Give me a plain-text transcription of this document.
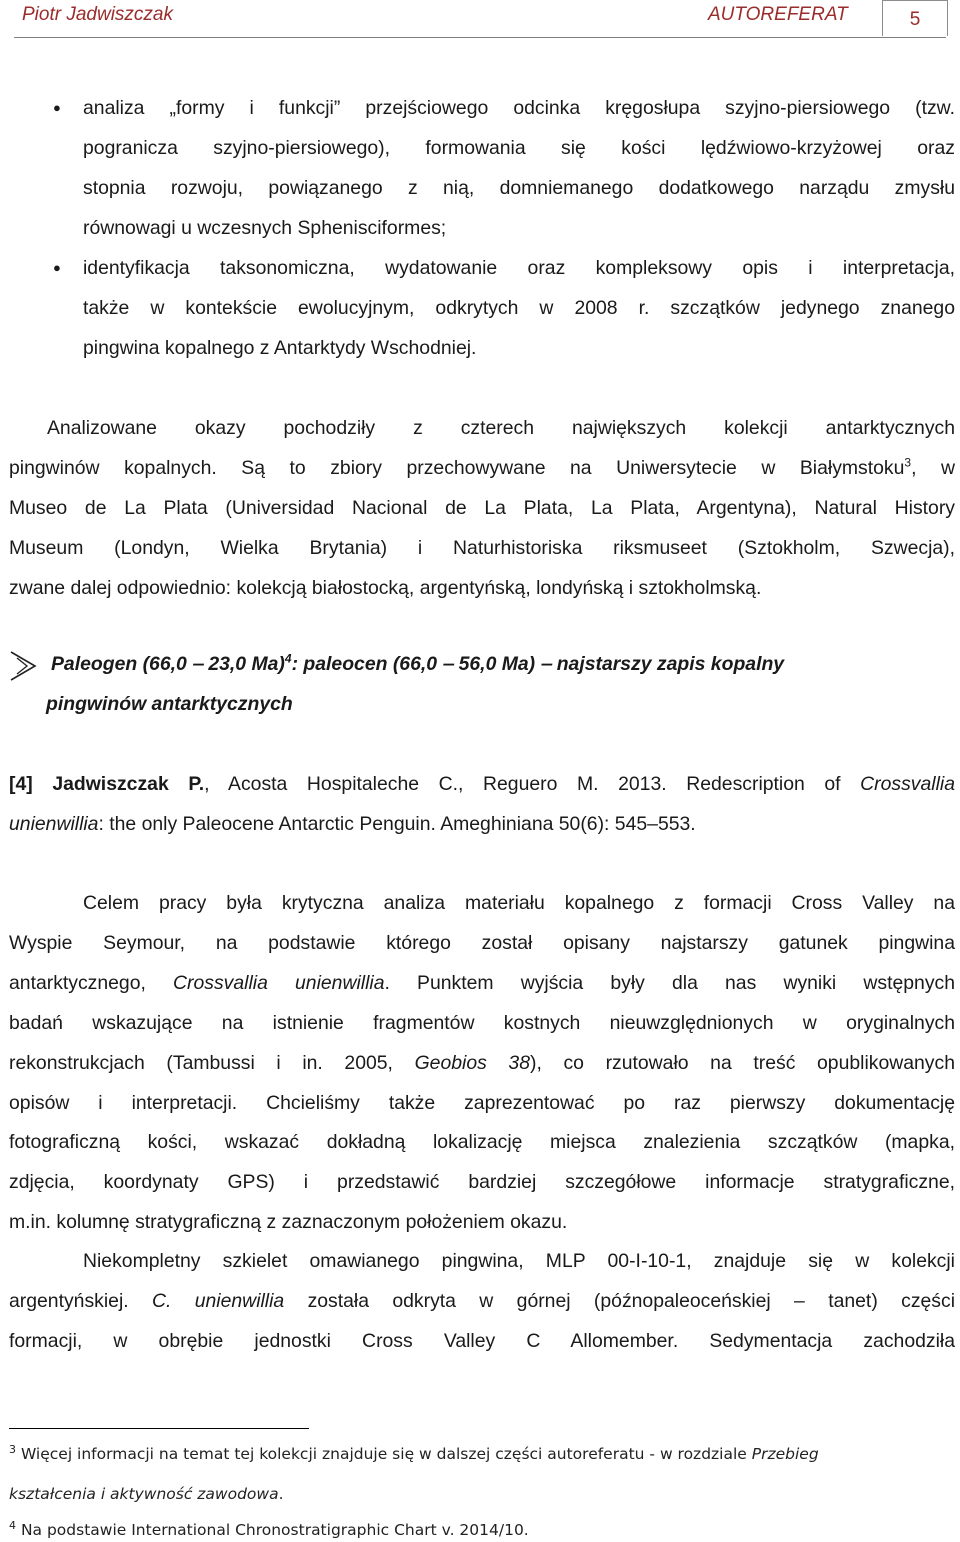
Piotr Jadwiszczak	AUTOREFERAT	5
● analiza „formy i funkcji” przejściowego odcinka kręgosłupa szyjno-piersiowego (tzw.
pogranicza szyjno-piersiowego), formowania się kości lędźwiowo-krzyżowej oraz
stopnia rozwoju, powiązanego z nią, domniemanego dodatkowego narządu zmysłu
równowagi u wczesnych Sphenisciformes;
● identyfikacja taksonomiczna, wydatowanie oraz kompleksowy opis i interpretacja,
także w kontekście ewolucyjnym, odkrytych w 2008 r. szczątków jedynego znanego
pingwina kopalnego z Antarktydy Wschodniej.
Analizowane okazy pochodziły z czterech największych kolekcji antarktycznych
pingwinów kopalnych. Są to zbiory przechowywane na Uniwersytecie w Białymstoku$^3$, w
Museo de La Plata (Universidad Nacional de La Plata, La Plata, Argentyna), Natural History
Museum (Londyn, Wielka Brytania) i Naturhistoriska riksmuseet (Sztokholm, Szwecja),
zwane dalej odpowiednio: kolekcją białostocką, argentyńską, londyńską i sztokholmską.
Paleogen (66,0 ‒ 23,0 Ma)$^4$: paleocen (66,0 ‒ 56,0 Ma) ‒ najstarszy zapis kopalny
pingwinów antarktycznych
[4] Jadwiszczak P., Acosta Hospitaleche C., Reguero M. 2013. Redescription of Crossvallia
unienwillia: the only Paleocene Antarctic Penguin. Ameghiniana 50(6): 545‒553.
Celem pracy była krytyczna analiza materiału kopalnego z formacji Cross Valley na
Wyspie Seymour, na podstawie którego został opisany najstarszy gatunek pingwina
antarktycznego, Crossvallia unienwillia. Punktem wyjścia były dla nas wyniki wstępnych
badań wskazujące na istnienie fragmentów kostnych nieuwzględnionych w oryginalnych
rekonstrukcjach (Tambussi i in. 2005, Geobios 38), co rzutowało na treść opublikowanych
opisów i interpretacji. Chcieliśmy także zaprezentować po raz pierwszy dokumentację
fotograficzną kości, wskazać dokładną lokalizację miejsca znalezienia szczątków (mapka,
zdjęcia, koordynaty GPS) i przedstawić bardziej szczegółowe informacje stratygraficzne,
m.in. kolumnę stratygraficzną z zaznaczonym położeniem okazu.
Niekompletny szkielet omawianego pingwina, MLP 00-I-10-1, znajduje się w kolekcji
argentyńskiej. C. unienwillia została odkryta w górnej (późnopaleoceńskiej ‒ tanet) części
formacji, w obrębie jednostki Cross Valley C Allomember. Sedymentacja zachodziła
$^3$ Więcej informacji na temat tej kolekcji znajduje się w dalszej części autoreferatu - w rozdziale Przebieg
kształcenia i aktywność zawodowa.
$^4$ Na podstawie International Chronostratigraphic Chart v. 2014/10.
